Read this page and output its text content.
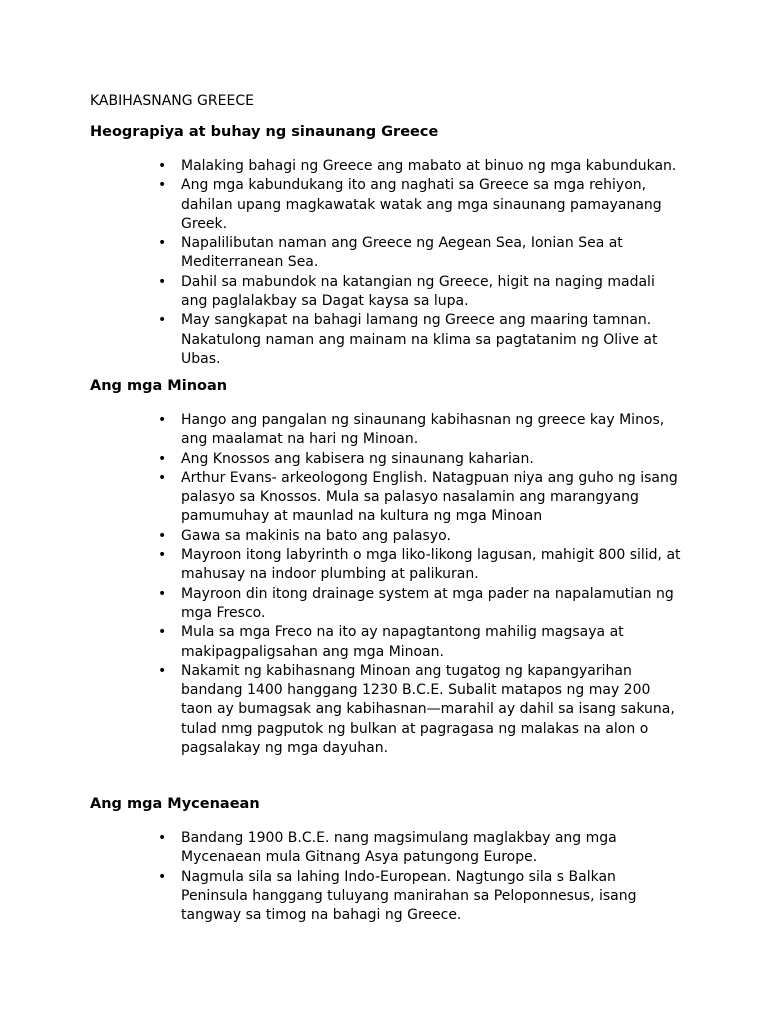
KABIHASNANG GREECE
Heograpiya at buhay ng sinaunang Greece
• Malaking bahagi ng Greece ang mabato at binuo ng mga kabundukan.
• Ang mga kabundukang ito ang naghati sa Greece sa mga rehiyon, dahilan upang magkawatak watak ang mga sinaunang pamayanang Greek.
• Napalilibutan naman ang Greece ng Aegean Sea, Ionian Sea at Mediterranean Sea.
• Dahil sa mabundok na katangian ng Greece, higit na naging madali ang paglalakbay sa Dagat kaysa sa lupa.
• May sangkapat na bahagi lamang ng Greece ang maaring tamnan. Nakatulong naman ang mainam na klima sa pagtatanim ng Olive at Ubas.
Ang mga Minoan
• Hango ang pangalan ng sinaunang kabihasnan ng greece kay Minos, ang maalamat na hari ng Minoan.
• Ang Knossos ang kabisera ng sinaunang kaharian.
• Arthur Evans- arkeologong English. Natagpuan niya ang guho ng isang palasyo sa Knossos. Mula sa palasyo nasalamin ang marangyang pamumuhay at maunlad na kultura ng mga Minoan
• Gawa sa makinis na bato ang palasyo.
• Mayroon itong labyrinth o mga liko-likong lagusan, mahigit 800 silid, at mahusay na indoor plumbing at palikuran.
• Mayroon din itong drainage system at mga pader na napalamutian ng mga Fresco.
• Mula sa mga Freco na ito ay napagtantong mahilig magsaya at makipagpaligsahan ang mga Minoan.
• Nakamit ng kabihasnang Minoan ang tugatog ng kapangyarihan bandang 1400 hanggang 1230 B.C.E. Subalit matapos ng may 200 taon ay bumagsak ang kabihasnan—marahil ay dahil sa isang sakuna, tulad nmg pagputok ng bulkan at pagragasa ng malakas na alon o pagsalakay ng mga dayuhan.
Ang mga Mycenaean
• Bandang 1900 B.C.E. nang magsimulang maglakbay ang mga Mycenaean mula Gitnang Asya patungong Europe.
• Nagmula sila sa lahing Indo-European. Nagtungo sila s Balkan Peninsula hanggang tuluyang manirahan sa Peloponnesus, isang tangway sa timog na bahagi ng Greece.
